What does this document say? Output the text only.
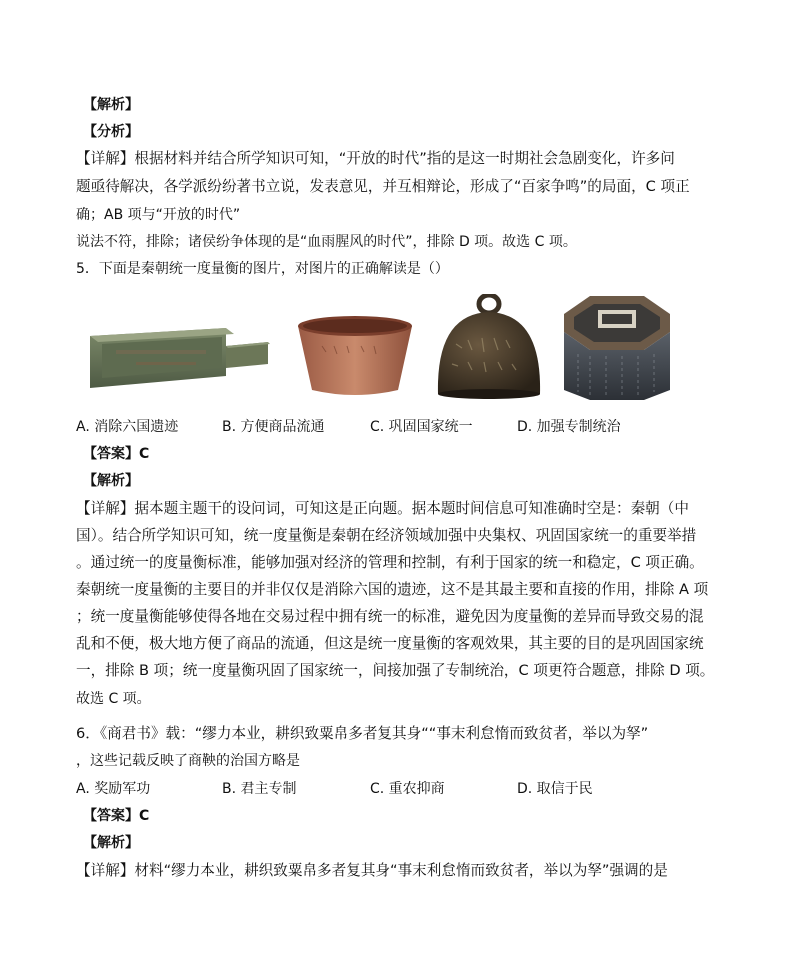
【解析】
【分析】
【详解】根据材料并结合所学知识可知，“开放的时代”指的是这一时期社会急剧变化，许多问
题亟待解决，各学派纷纷著书立说，发表意见，并互相辩论，形成了“百家争鸣”的局面，C 项正
确；AB 项与“开放的时代”
说法不符，排除；诸侯纷争体现的是“血雨腥风的时代”，排除 D 项。故选 C 项。
5．下面是秦朝统一度量衡的图片，对图片的正确解读是（）
A. 消除六国遗迹	B. 方便商品流通	C. 巩固国家统一	D. 加强专制统治
【答案】C
【解析】
【详解】据本题主题干的设问词，可知这是正向题。据本题时间信息可知准确时空是：秦朝（中
国）。结合所学知识可知，统一度量衡是秦朝在经济领域加强中央集权、巩固国家统一的重要举措
。通过统一的度量衡标准，能够加强对经济的管理和控制，有利于国家的统一和稳定，C 项正确。
秦朝统一度量衡的主要目的并非仅仅是消除六国的遗迹，这不是其最主要和直接的作用，排除 A 项
；统一度量衡能够使得各地在交易过程中拥有统一的标准，避免因为度量衡的差异而导致交易的混
乱和不便，极大地方便了商品的流通，但这是统一度量衡的客观效果，其主要的目的是巩固国家统
一，排除 B 项；统一度量衡巩固了国家统一，间接加强了专制统治，C 项更符合题意，排除 D 项。
故选 C 项。
6．《商君书》载：“缪力本业，耕织致粟帛多者复其身““事末利怠惰而致贫者，举以为孥”
，这些记载反映了商鞅的治国方略是
A. 奖励军功	B. 君主专制	C. 重农抑商	D. 取信于民
【答案】C
【解析】
【详解】材料“缪力本业，耕织致粟帛多者复其身“事末利怠惰而致贫者，举以为孥”强调的是
